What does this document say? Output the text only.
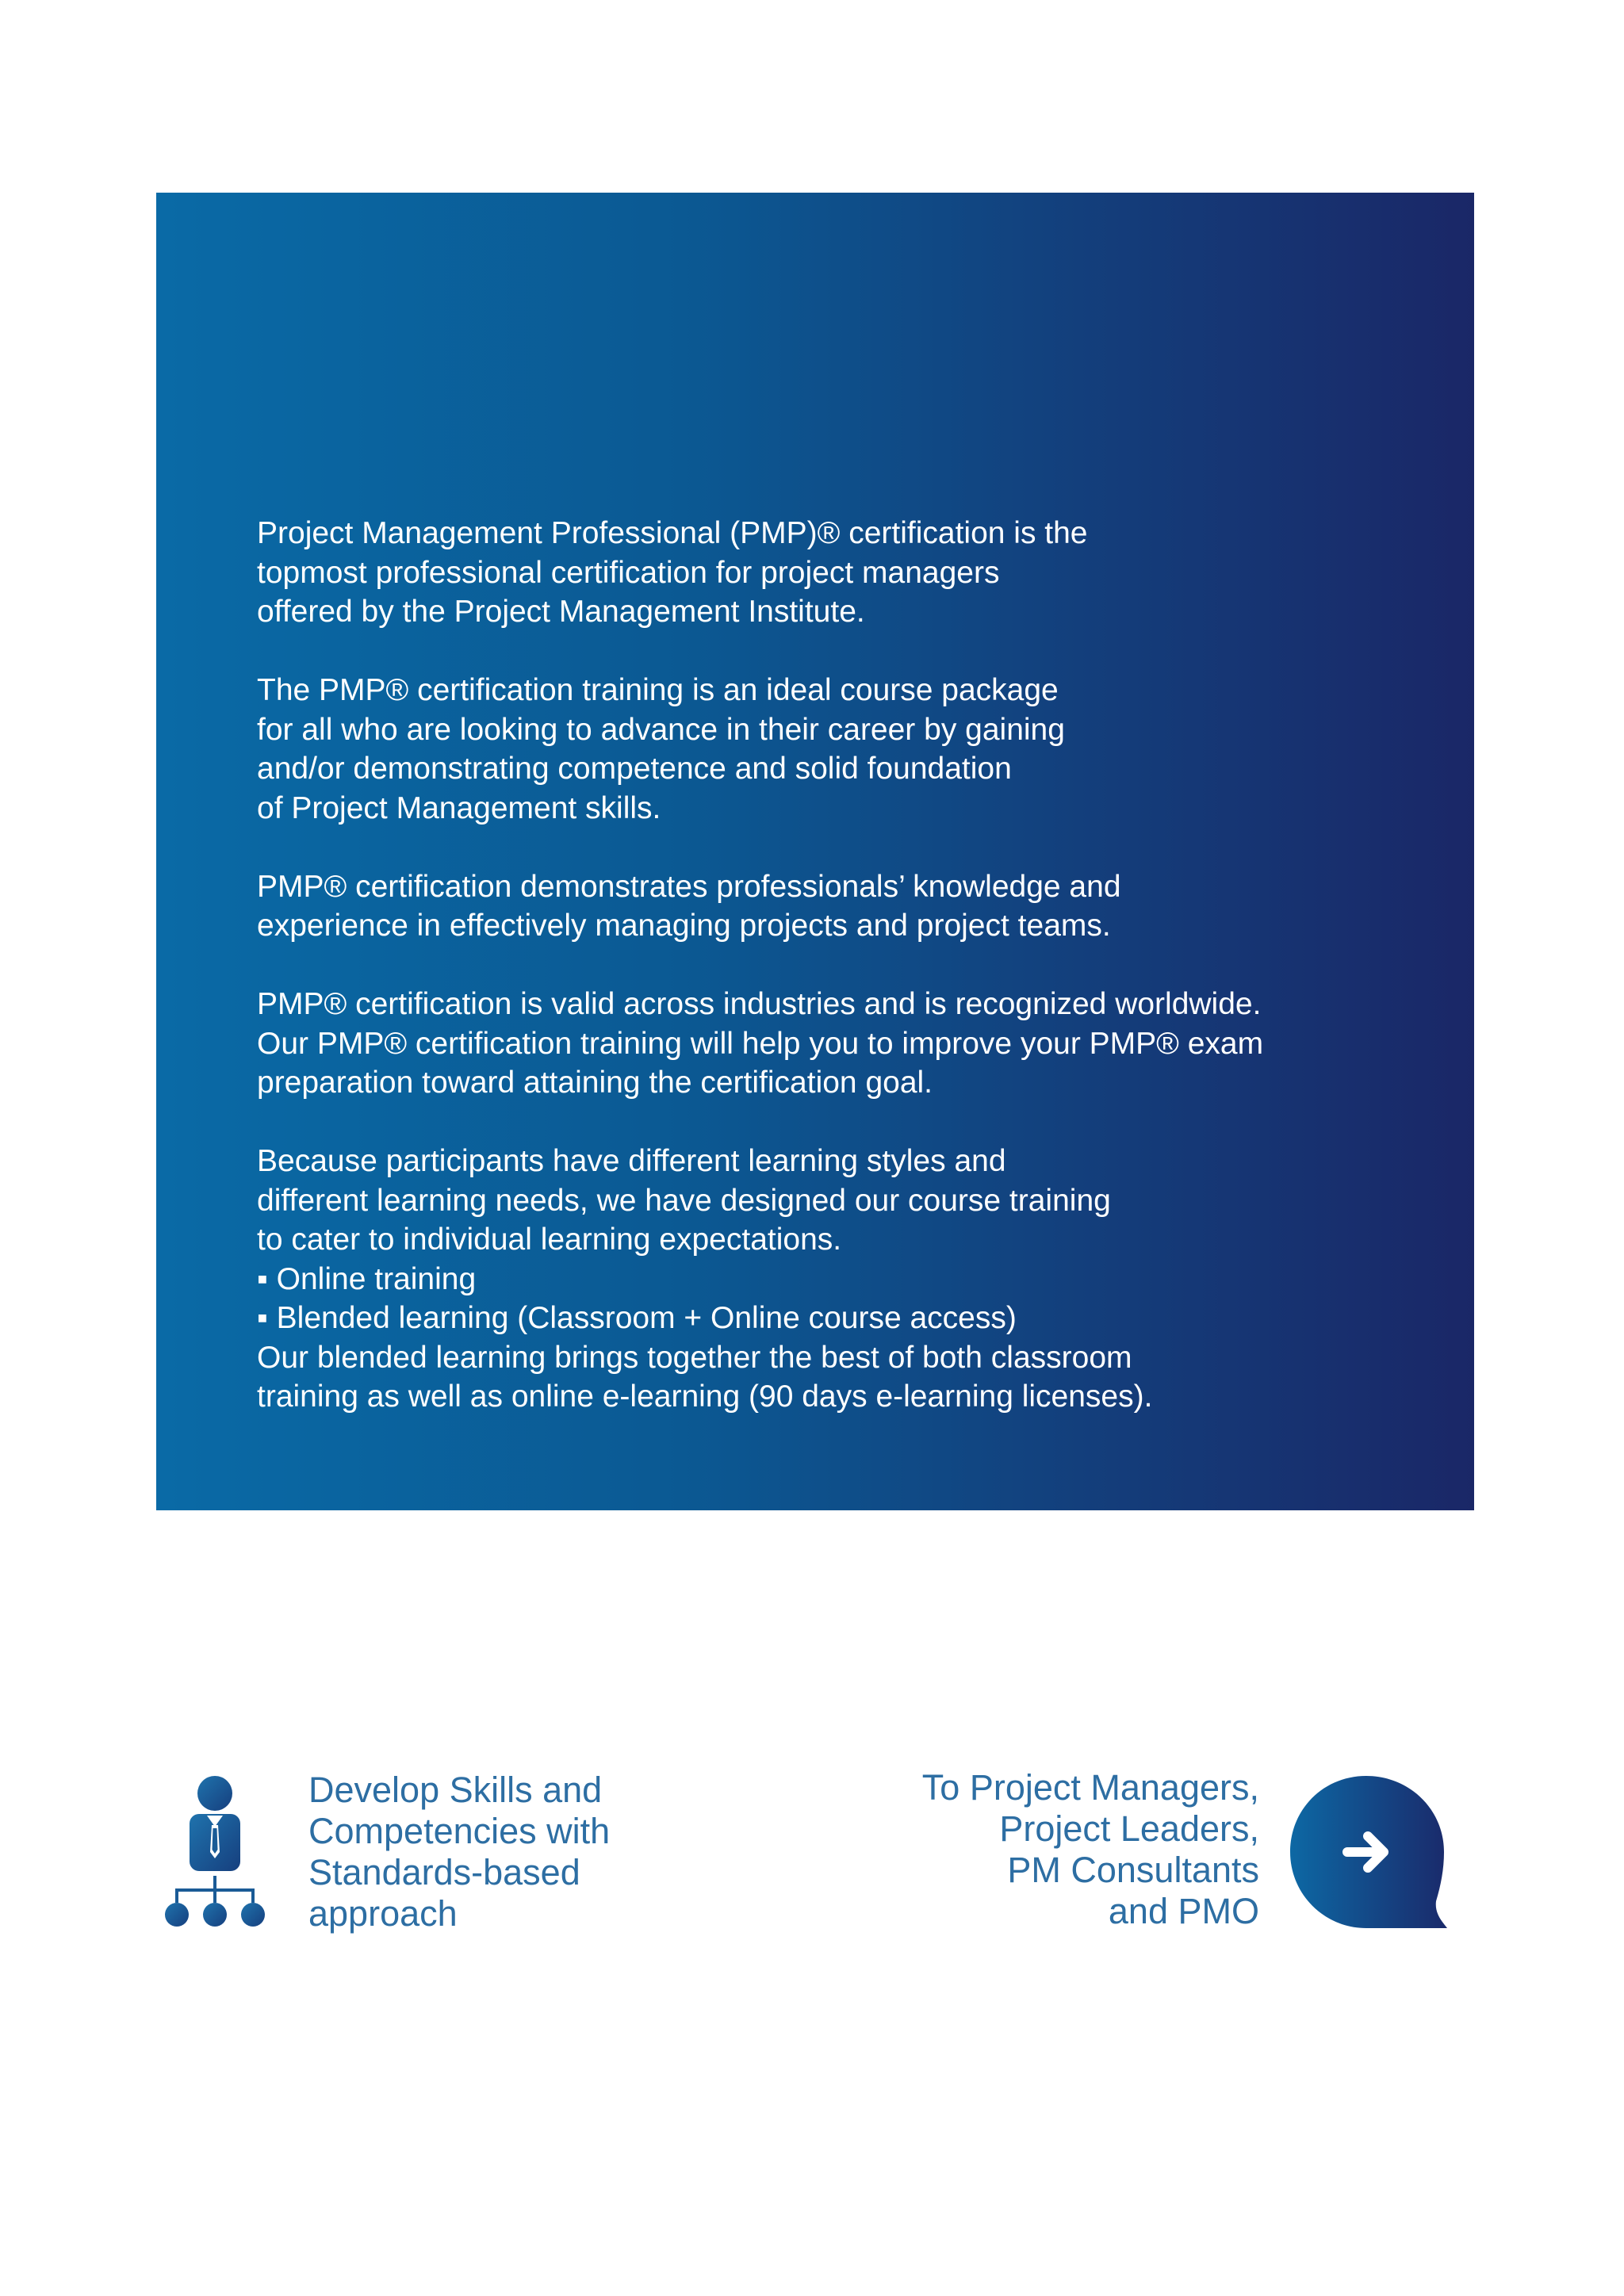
Project Management Professional (PMP)® certification is the
topmost professional certification for project managers
offered by the Project Management Institute.

The PMP® certification training is an ideal course package
for all who are looking to advance in their career by gaining
and/or demonstrating competence and solid foundation
of Project Management skills.

PMP® certification demonstrates professionals’ knowledge and
experience in effectively managing projects and project teams.

PMP® certification is valid across industries and is recognized worldwide.
Our PMP® certification training will help you to improve your PMP® exam
preparation toward attaining the certification goal.

Because participants have different learning styles and
different learning needs, we have designed our course training
to cater to individual learning expectations.
▪ Online training
▪ Blended learning (Classroom + Online course access)
Our blended learning brings together the best of both classroom
training as well as online e-learning (90 days e-learning licenses).

Develop Skills and
Competencies with
Standards-based
approach
To Project Managers,
Project Leaders,
PM Consultants
and PMO
